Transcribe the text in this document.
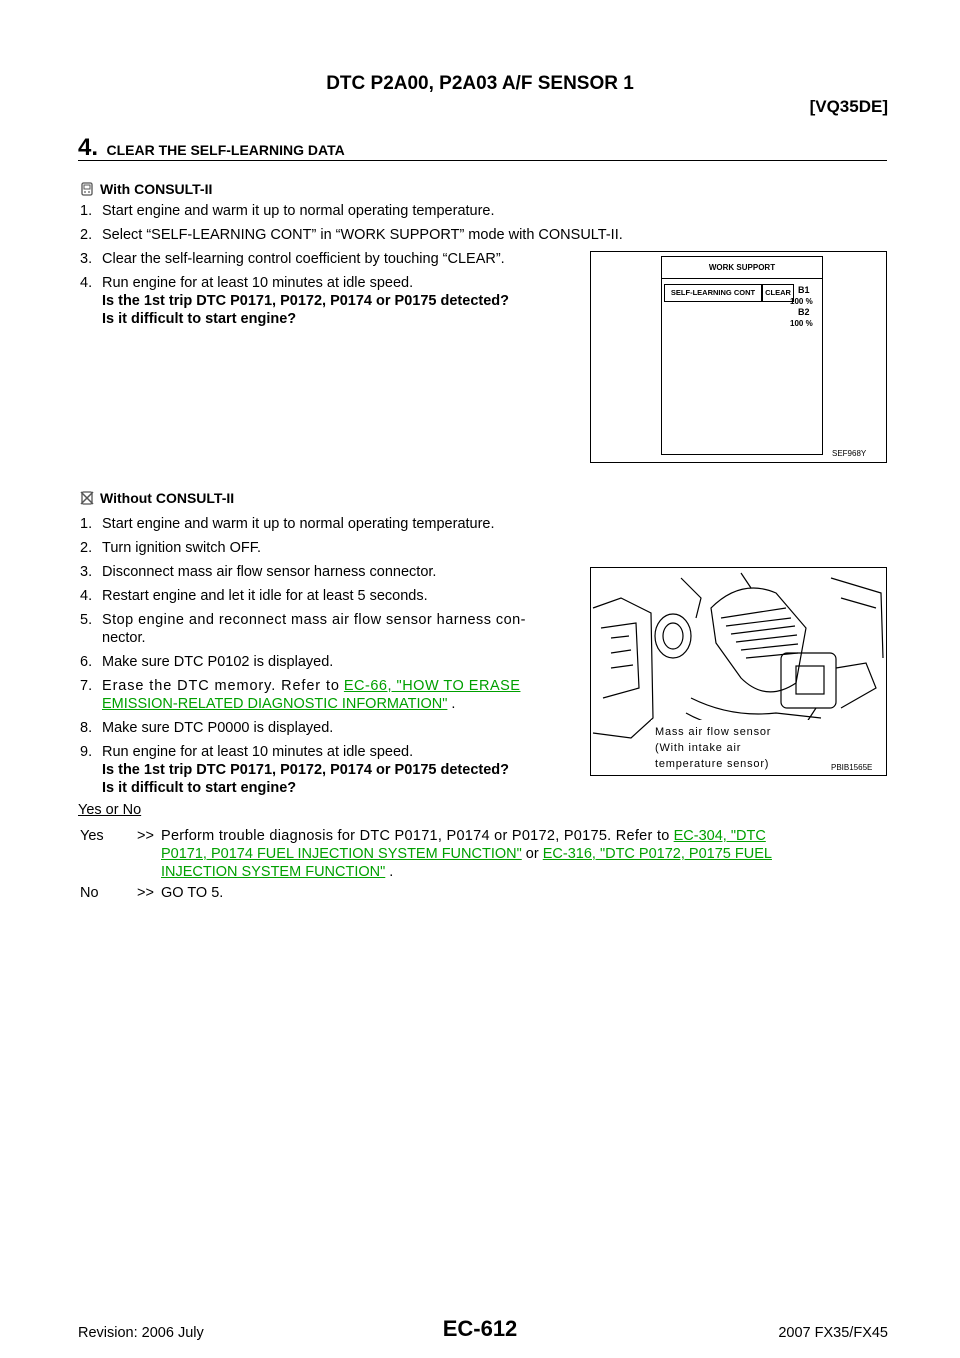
DTC P2A00, P2A03 A/F SENSOR 1
[VQ35DE]
4. CLEAR THE SELF-LEARNING DATA
With CONSULT-II
1. Start engine and warm it up to normal operating temperature.
2. Select “SELF-LEARNING CONT” in “WORK SUPPORT” mode with CONSULT-II.
3. Clear the self-learning control coefficient by touching “CLEAR”.
4. Run engine for at least 10 minutes at idle speed.
Is the 1st trip DTC P0171, P0172, P0174 or P0175 detected?
Is it difficult to start engine?
WORK SUPPORT
SELF-LEARNING CONT	CLEAR B1
100 %
B2
100 %
SEF968Y
Without CONSULT-II
1. Start engine and warm it up to normal operating temperature.
2. Turn ignition switch OFF.
3. Disconnect mass air flow sensor harness connector.
4. Restart engine and let it idle for at least 5 seconds.
5. Stop engine and reconnect mass air flow sensor harness con-
nector.
6. Make sure DTC P0102 is displayed.
7. Erase the DTC memory. Refer to EC-66, "HOW TO ERASE
EMISSION-RELATED DIAGNOSTIC INFORMATION" .
8. Make sure DTC P0000 is displayed.
9. Run engine for at least 10 minutes at idle speed.
Is the 1st trip DTC P0171, P0172, P0174 or P0175 detected?
Is it difficult to start engine?
Mass air flow sensor
(With intake air
temperature sensor)	PBIB1565E
Yes or No
Yes >> Perform trouble diagnosis for DTC P0171, P0174 or P0172, P0175. Refer to EC-304, "DTC
P0171, P0174 FUEL INJECTION SYSTEM FUNCTION" or EC-316, "DTC P0172, P0175 FUEL
INJECTION SYSTEM FUNCTION" .
No	>> GO TO 5.
Revision: 2006 July	EC-612	2007 FX35/FX45
